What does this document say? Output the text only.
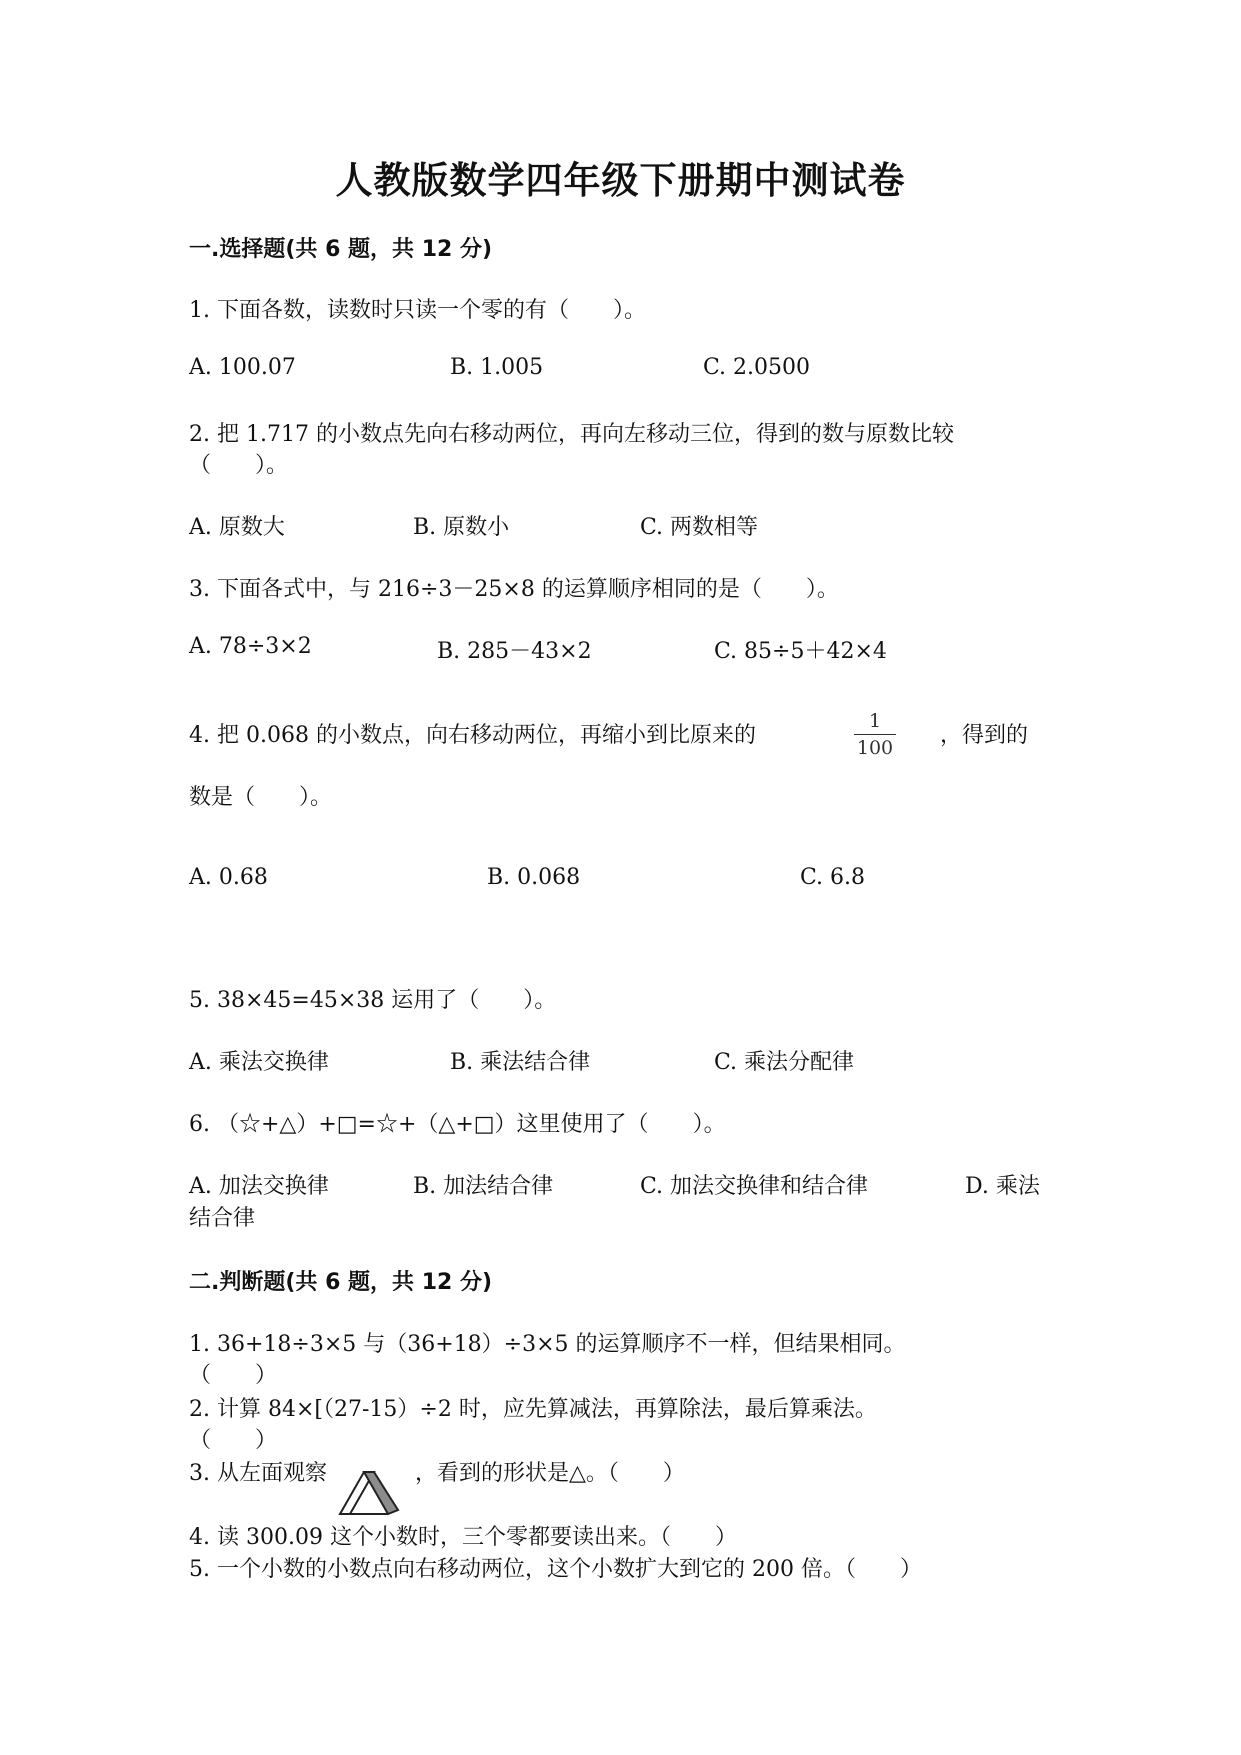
人教版数学四年级下册期中测试卷
一.选择题(共 6 题，共 12 分)
1. 下面各数，读数时只读一个零的有（　　）。
A. 100.07	B. 1.005	C. 2.0500
2. 把 1.717 的小数点先向右移动两位，再向左移动三位，得到的数与原数比较
（　　）。
A. 原数大	B. 原数小	C. 两数相等
3. 下面各式中，与 216÷3－25×8 的运算顺序相同的是（　　）。
A. 78÷3×2	B. 285－43×2	C. 85÷5＋42×4
4. 把 0.068 的小数点，向右移动两位，再缩小到比原来的
1
100	，得到的
数是（　　）。
A. 0.68	B. 0.068	C. 6.8
5. 38×45=45×38 运用了（　　）。
A. 乘法交换律	B. 乘法结合律	C. 乘法分配律
6. （☆+△）+□=☆+（△+□）这里使用了（　　）。
A. 加法交换律	B. 加法结合律	C. 加法交换律和结合律	D. 乘法
结合律
二.判断题(共 6 题，共 12 分)
1. 36+18÷3×5 与（36+18）÷3×5 的运算顺序不一样，但结果相同。
（　　）
2. 计算 84×[（27-15）÷2 时，应先算减法，再算除法，最后算乘法。
（　　）
3. 从左面观察	，看到的形状是△。（　　）
4. 读 300.09 这个小数时，三个零都要读出来。（　　）
5. 一个小数的小数点向右移动两位，这个小数扩大到它的 200 倍。（　　）
